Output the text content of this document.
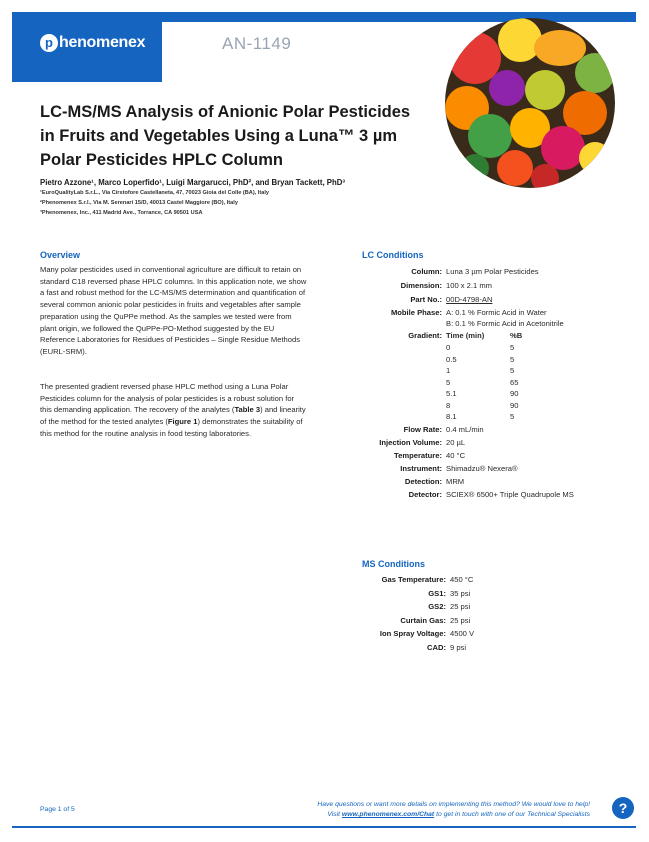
p henomenex	AN-1149
LC-MS/MS Analysis of Anionic Polar Pesticides in Fruits and Vegetables Using a Luna™ 3 µm Polar Pesticides HPLC Column
Pietro Azzone¹, Marco Loperfido¹, Luigi Margarucci, PhD², and Bryan Tackett, PhD³
¹EuroQualityLab S.r.L., Via Cirstofore Castellaneta, 47, 70023 Gioia del Colle (BA), Italy
²Phenomenex S.r.l., Via M. Serenari 15/D, 40013 Castel Maggiore (BO), Italy
³Phenomenex, Inc., 411 Madrid Ave., Torrance, CA 90501 USA
Overview
Many polar pesticides used in conventional agriculture are difficult to retain on standard C18 reversed phase HPLC columns. In this application note, we show a fast and robust method for the LC-MS/MS determination and quantification of several common anionic polar pesticides in fruits and vegetables after sample preparation using the QuPPe method. As the samples we tested were from plant origin, we followed the QuPPe-PO-Method suggested by the EU Reference Laboratories for Residues of Pesticides – Single Residue Methods (EURL-SRM).
The presented gradient reversed phase HPLC method using a Luna Polar Pesticides column for the analysis of polar pesticides is a robust solution for this demanding application. The recovery of the analytes (Table 3) and linearity of the method for the tested analytes (Figure 1) demonstrates the suitability of this method for the routine analysis in food testing laboratories.
LC Conditions
Column: Luna 3 µm Polar Pesticides
Dimension: 100 x 2.1 mm
Part No.: 00D-4798-AN
Mobile Phase: A: 0.1 % Formic Acid in Water
B: 0.1 % Formic Acid in Acetonitrile
Gradient: Time (min)	%B
0	5
0.5	5
1	5
5	65
5.1	90
8	90
8.1	5
Flow Rate: 0.4 mL/min
Injection Volume: 20 µL
Temperature: 40 °C
Instrument: Shimadzu® Nexera®
Detection: MRM
Detector: SCIEX® 6500+ Triple Quadrupole MS
MS Conditions
Gas Temperature: 450 °C
GS1: 35 psi
GS2: 25 psi
Curtain Gas: 25 psi
Ion Spray Voltage: 4500 V
CAD: 9 psi
Page 1 of 5
Have questions or want more details on implementing this method? We would love to help!
Visit www.phenomenex.com/Chat to get in touch with one of our Technical Specialists	?
